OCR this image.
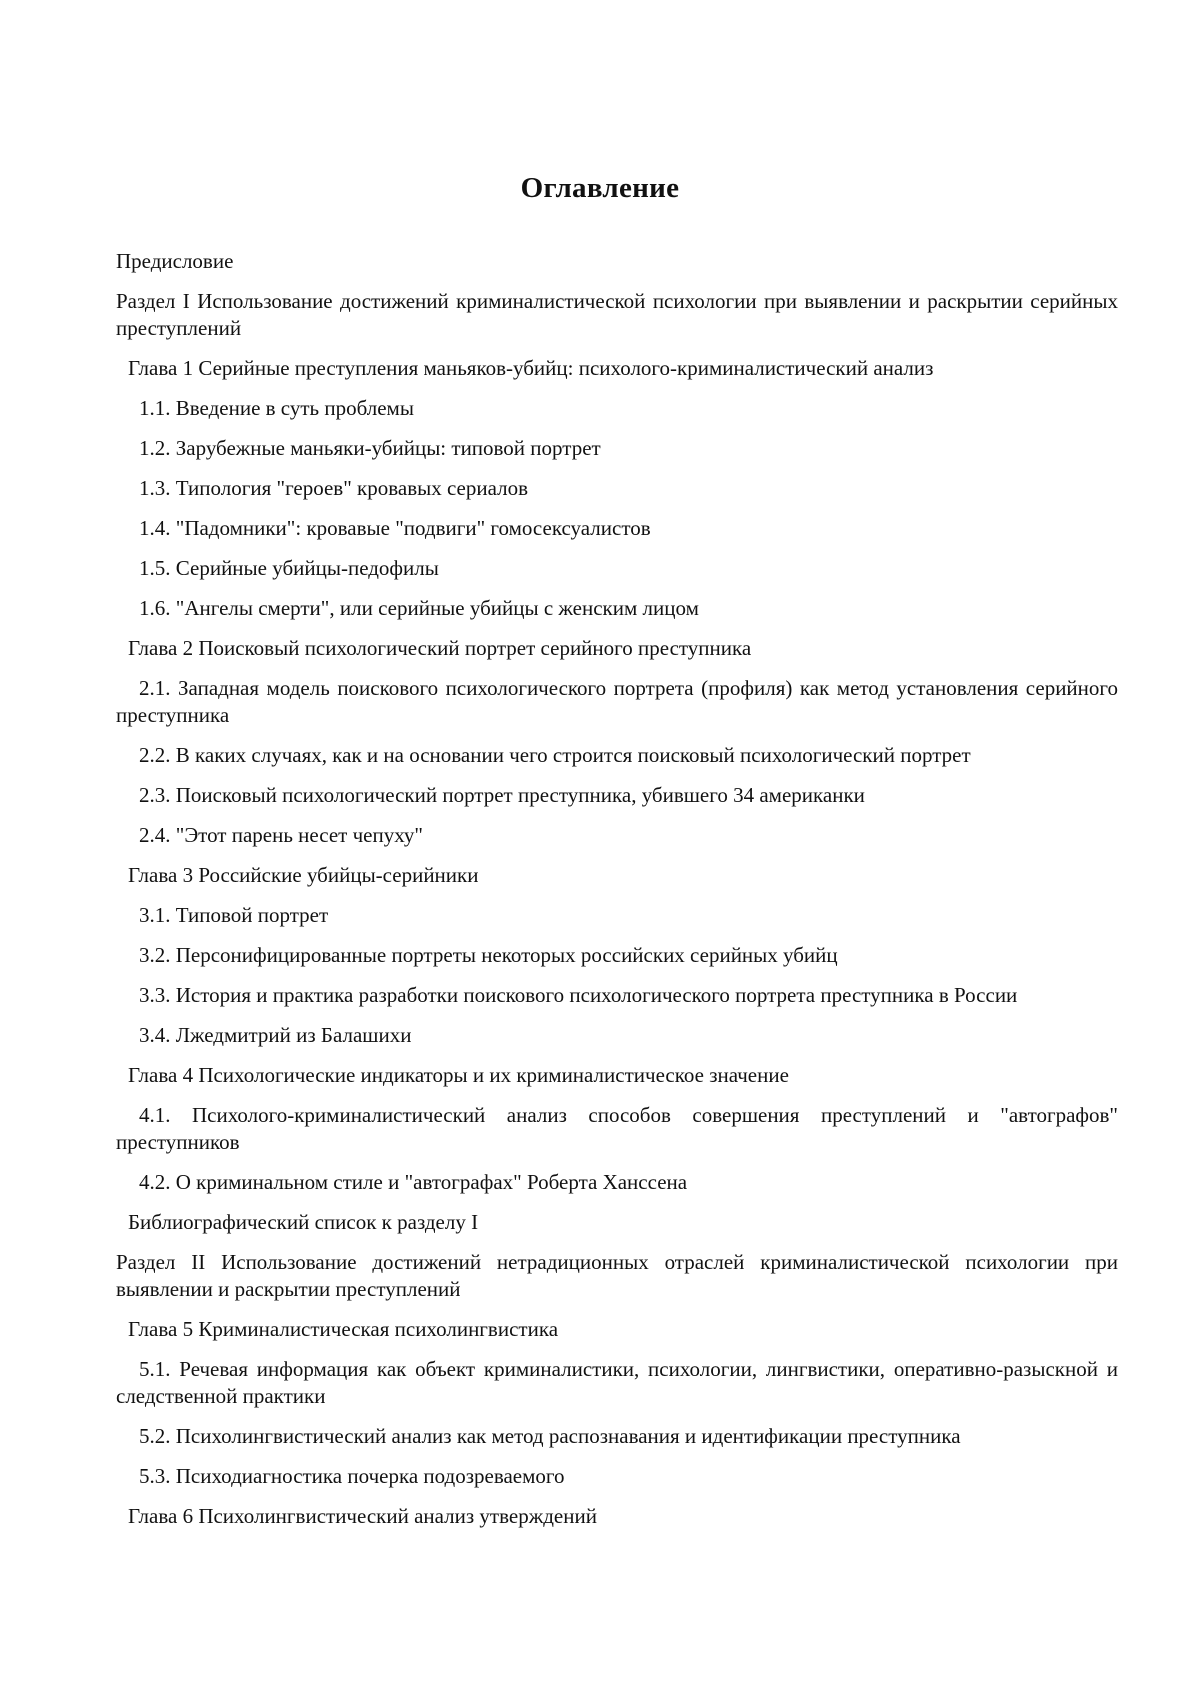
Оглавление
Предисловие
Раздел I Использование достижений криминалистической психологии при выявлении и раскрытии серийных преступлений
Глава 1 Серийные преступления маньяков-убийц: психолого-криминалистический анализ
1.1. Введение в суть проблемы
1.2. Зарубежные маньяки-убийцы: типовой портрет
1.3. Типология "героев" кровавых сериалов
1.4. "Падомники": кровавые "подвиги" гомосексуалистов
1.5. Серийные убийцы-педофилы
1.6. "Ангелы смерти", или серийные убийцы с женским лицом
Глава 2 Поисковый психологический портрет серийного преступника
2.1. Западная модель поискового психологического портрета (профиля) как метод установления серийного преступника
2.2. В каких случаях, как и на основании чего строится поисковый психологический портрет
2.3. Поисковый психологический портрет преступника, убившего 34 американки
2.4. "Этот парень несет чепуху"
Глава 3 Российские убийцы-серийники
3.1. Типовой портрет
3.2. Персонифицированные портреты некоторых российских серийных убийц
3.3. История и практика разработки поискового психологического портрета преступника в России
3.4. Лжедмитрий из Балашихи
Глава 4 Психологические индикаторы и их криминалистическое значение
4.1. Психолого-криминалистический анализ способов совершения преступлений и "автографов" преступников
4.2. О криминальном стиле и "автографах" Роберта Ханссена
Библиографический список к разделу I
Раздел II Использование достижений нетрадиционных отраслей криминалистической психологии при выявлении и раскрытии преступлений
Глава 5 Криминалистическая психолингвистика
5.1. Речевая информация как объект криминалистики, психологии, лингвистики, оперативно-разыскной и следственной практики
5.2. Психолингвистический анализ как метод распознавания и идентификации преступника
5.3. Психодиагностика почерка подозреваемого
Глава 6 Психолингвистический анализ утверждений
